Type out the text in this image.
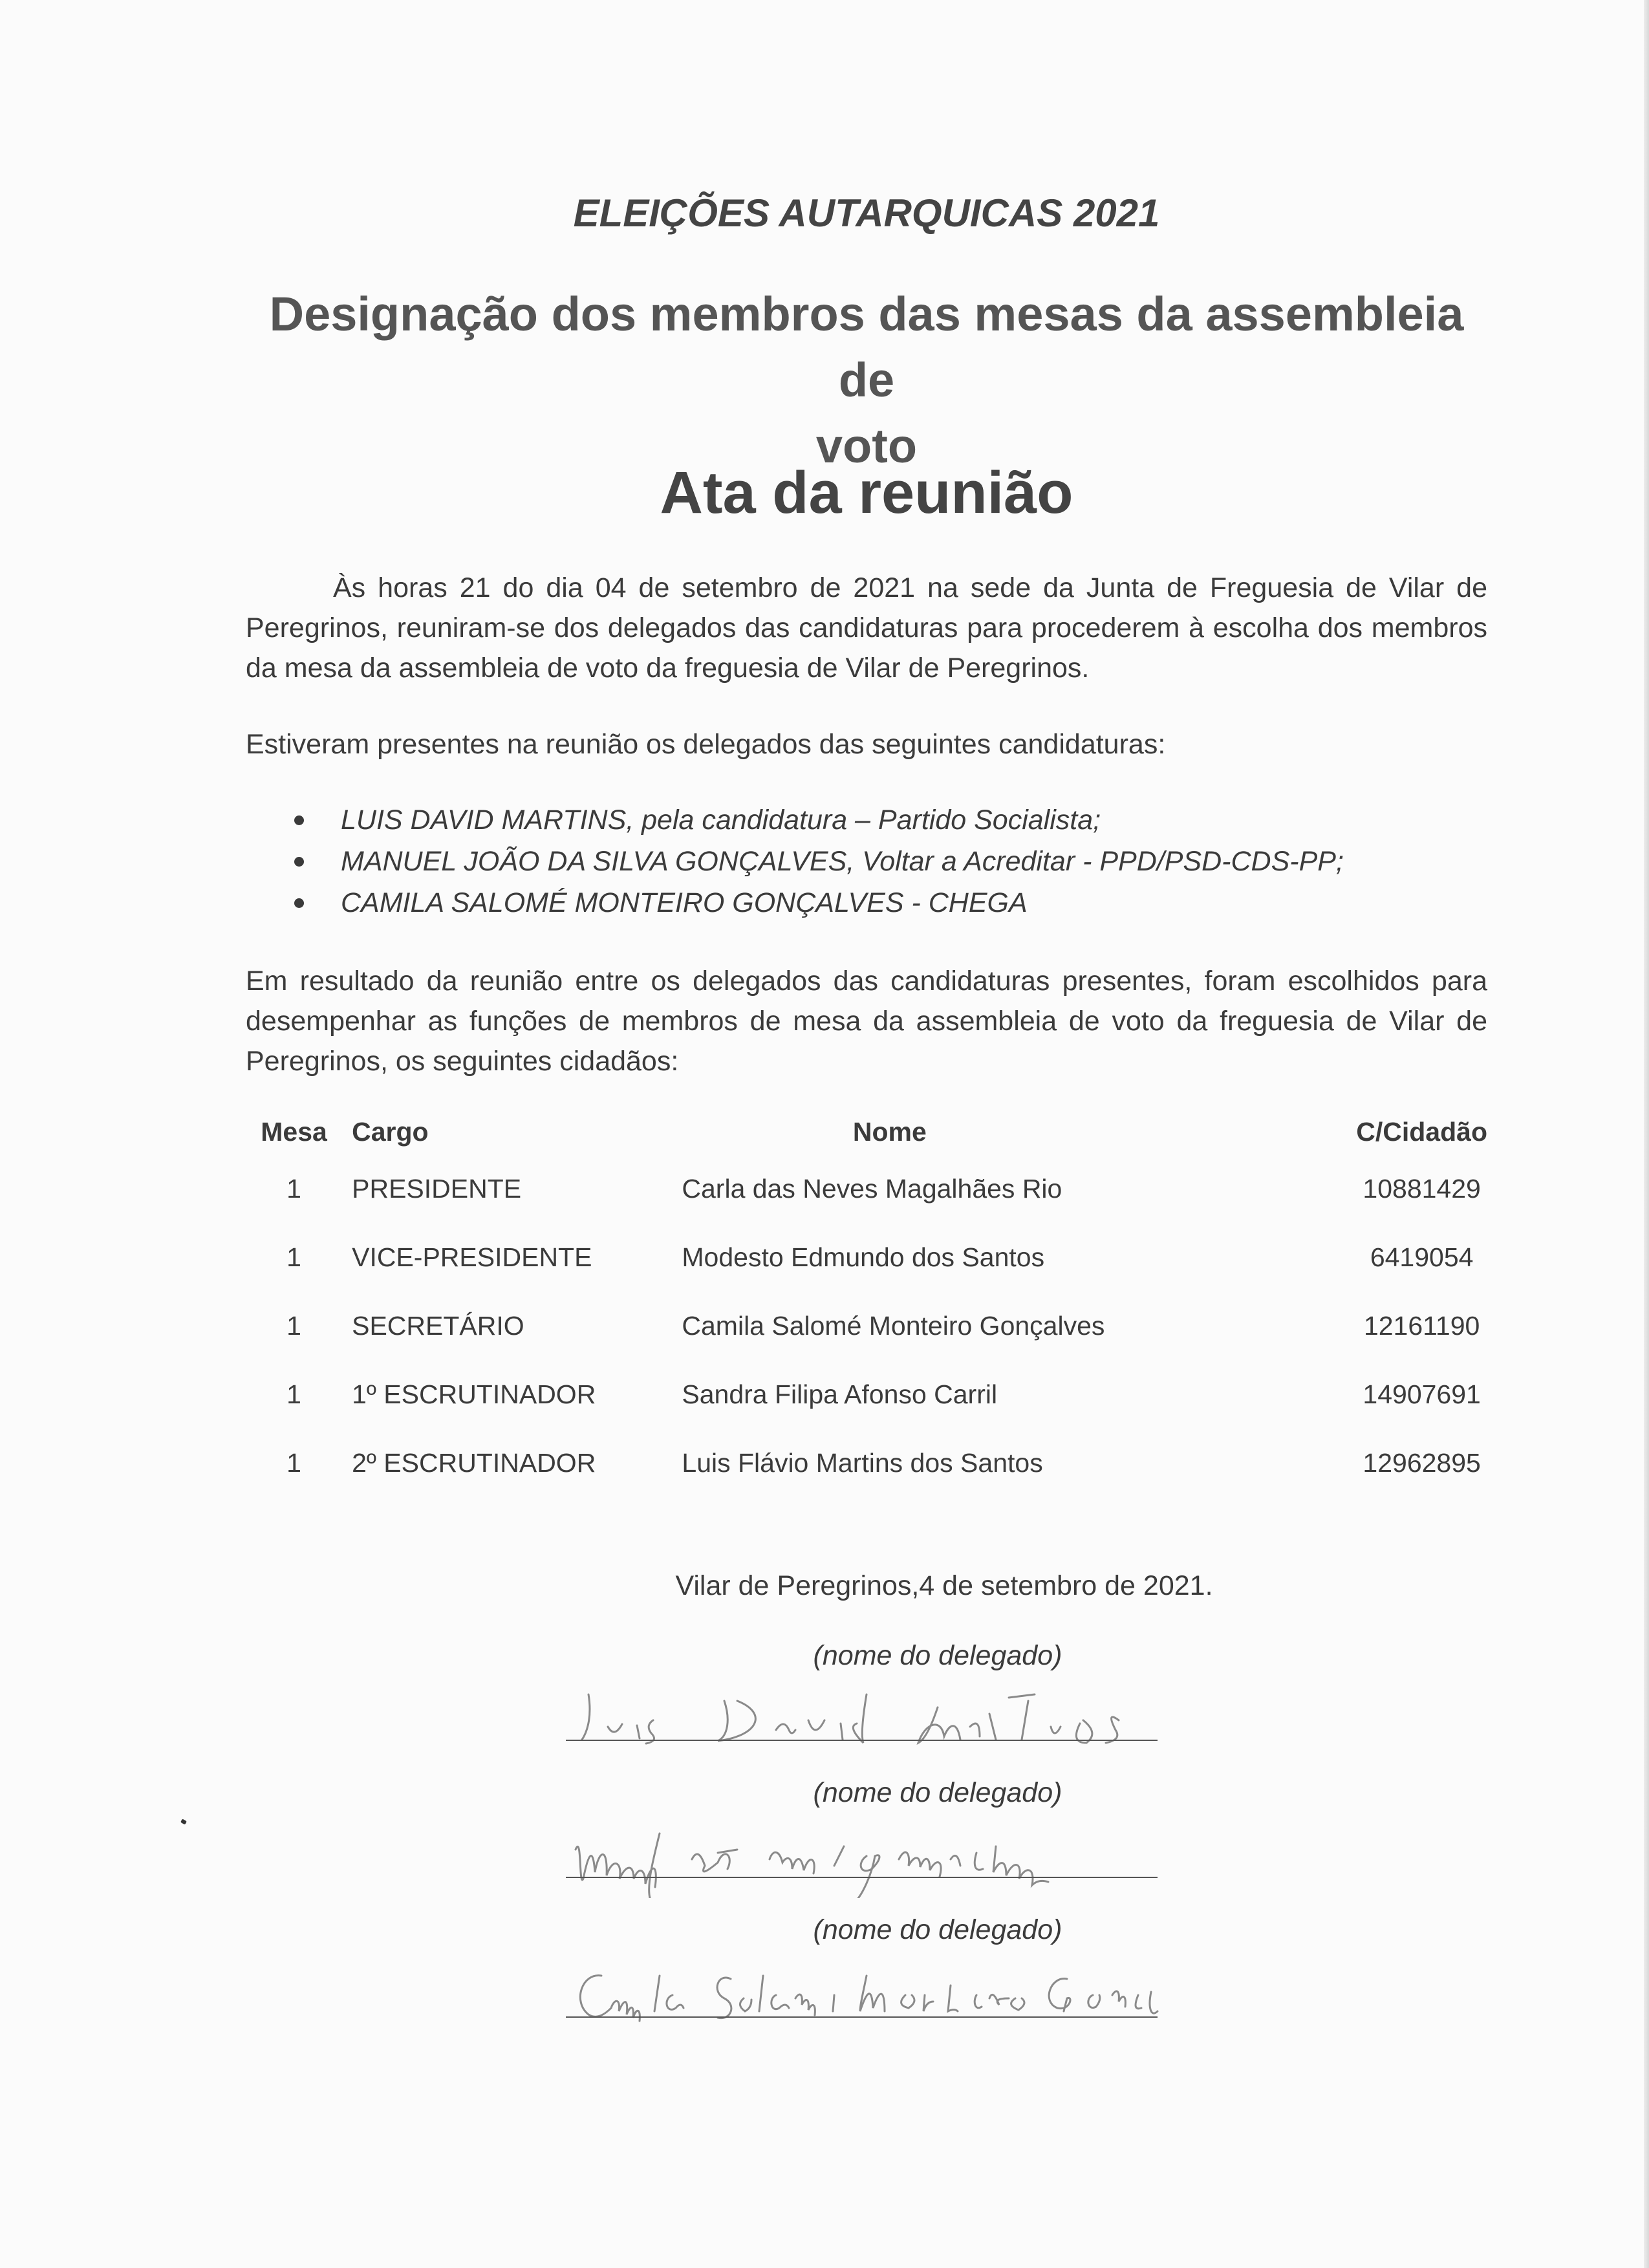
ELEIÇÕES AUTARQUICAS 2021
Designação dos membros das mesas da assembleia de
voto
Ata da reunião
Às horas 21 do dia 04 de setembro de 2021 na sede da Junta de Freguesia de Vilar de Peregrinos, reuniram-se dos delegados das candidaturas para procederem à escolha dos membros da mesa da assembleia de voto da freguesia de Vilar de Peregrinos.
Estiveram presentes na reunião os delegados das seguintes candidaturas:
LUIS DAVID MARTINS, pela candidatura – Partido Socialista;
MANUEL JOÃO DA SILVA GONÇALVES, Voltar a Acreditar - PPD/PSD-CDS-PP;
CAMILA SALOMÉ MONTEIRO GONÇALVES - CHEGA
Em resultado da reunião entre os delegados das candidaturas presentes, foram escolhidos para desempenhar as funções de membros de mesa da assembleia de voto da freguesia de Vilar de Peregrinos, os seguintes cidadãos:
Mesa	Cargo	Nome	C/Cidadão
1	PRESIDENTE	Carla das Neves Magalhães Rio	10881429
1	VICE-PRESIDENTE	Modesto Edmundo dos Santos	6419054
1	SECRETÁRIO	Camila Salomé Monteiro Gonçalves	12161190
1	1º ESCRUTINADOR	Sandra Filipa Afonso Carril	14907691
1	2º ESCRUTINADOR	Luis Flávio Martins dos Santos	12962895
Vilar de Peregrinos,4 de setembro de 2021.
(nome do delegado)
(nome do delegado)
(nome do delegado)
